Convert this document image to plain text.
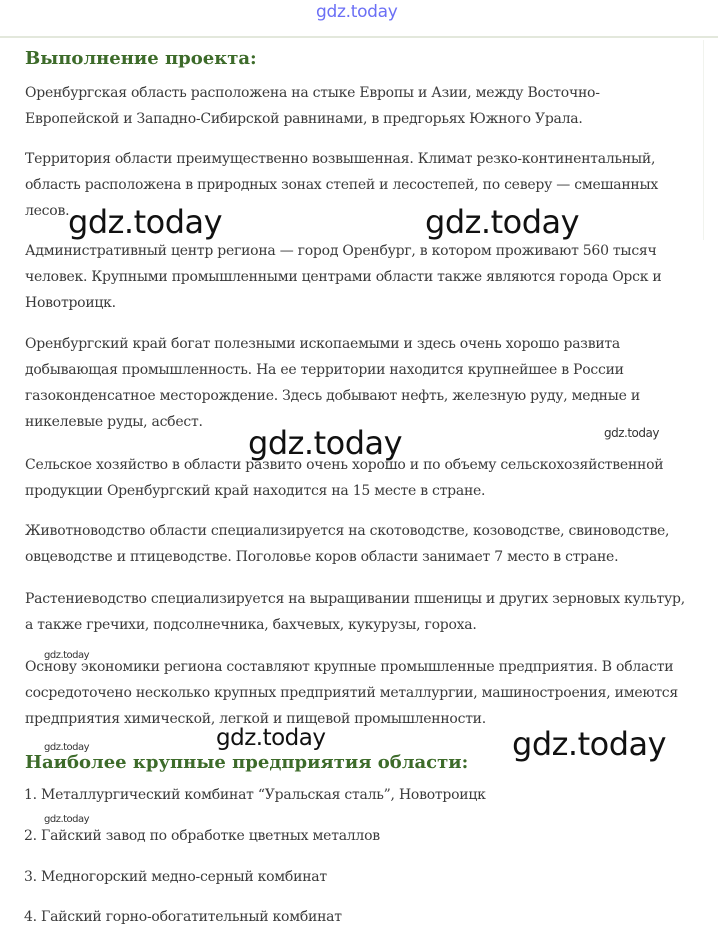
gdz.today
Выполнение проекта:

Оренбургская область расположена на стыке Европы и Азии, между Восточно-Европейской и Западно-Сибирской равнинами, в предгорьях Южного Урала.

Территория области преимущественно возвышенная. Климат резко-континентальный, область расположена в природных зонах степей и лесостепей, по северу — смешанных лесов.

Административный центр региона — город Оренбург, в котором проживают 560 тысяч человек. Крупными промышленными центрами области также являются города Орск и Новотроицк.

Оренбургский край богат полезными ископаемыми и здесь очень хорошо развита добывающая промышленность. На ее территории находится крупнейшее в России газоконденсатное месторождение. Здесь добывают нефть, железную руду, медные и никелевые руды, асбест.

Сельское хозяйство в области развито очень хорошо и по объему сельскохозяйственной продукции Оренбургский край находится на 15 месте в стране.

Животноводство области специализируется на скотоводстве, козоводстве, свиноводстве, овцеводстве и птицеводстве. Поголовье коров области занимает 7 место в стране.

Растениеводство специализируется на выращивании пшеницы и других зерновых культур, а также гречихи, подсолнечника, бахчевых, кукурузы, гороха.

Основу экономики региона составляют крупные промышленные предприятия. В области сосредоточено несколько крупных предприятий металлургии, машиностроения, имеются предприятия химической, легкой и пищевой промышленности.

Наиболее крупные предприятия области:
1. Металлургический комбинат “Уральская сталь”, Новотроицк
2. Гайский завод по обработке цветных металлов
3. Медногорский медно-серный комбинат
4. Гайский горно-обогатительный комбинат
gdz.today	gdz.today
gdz.today	gdz.today
gdz.today
gdz.today	gdz.today	gdz.today
gdz.today
